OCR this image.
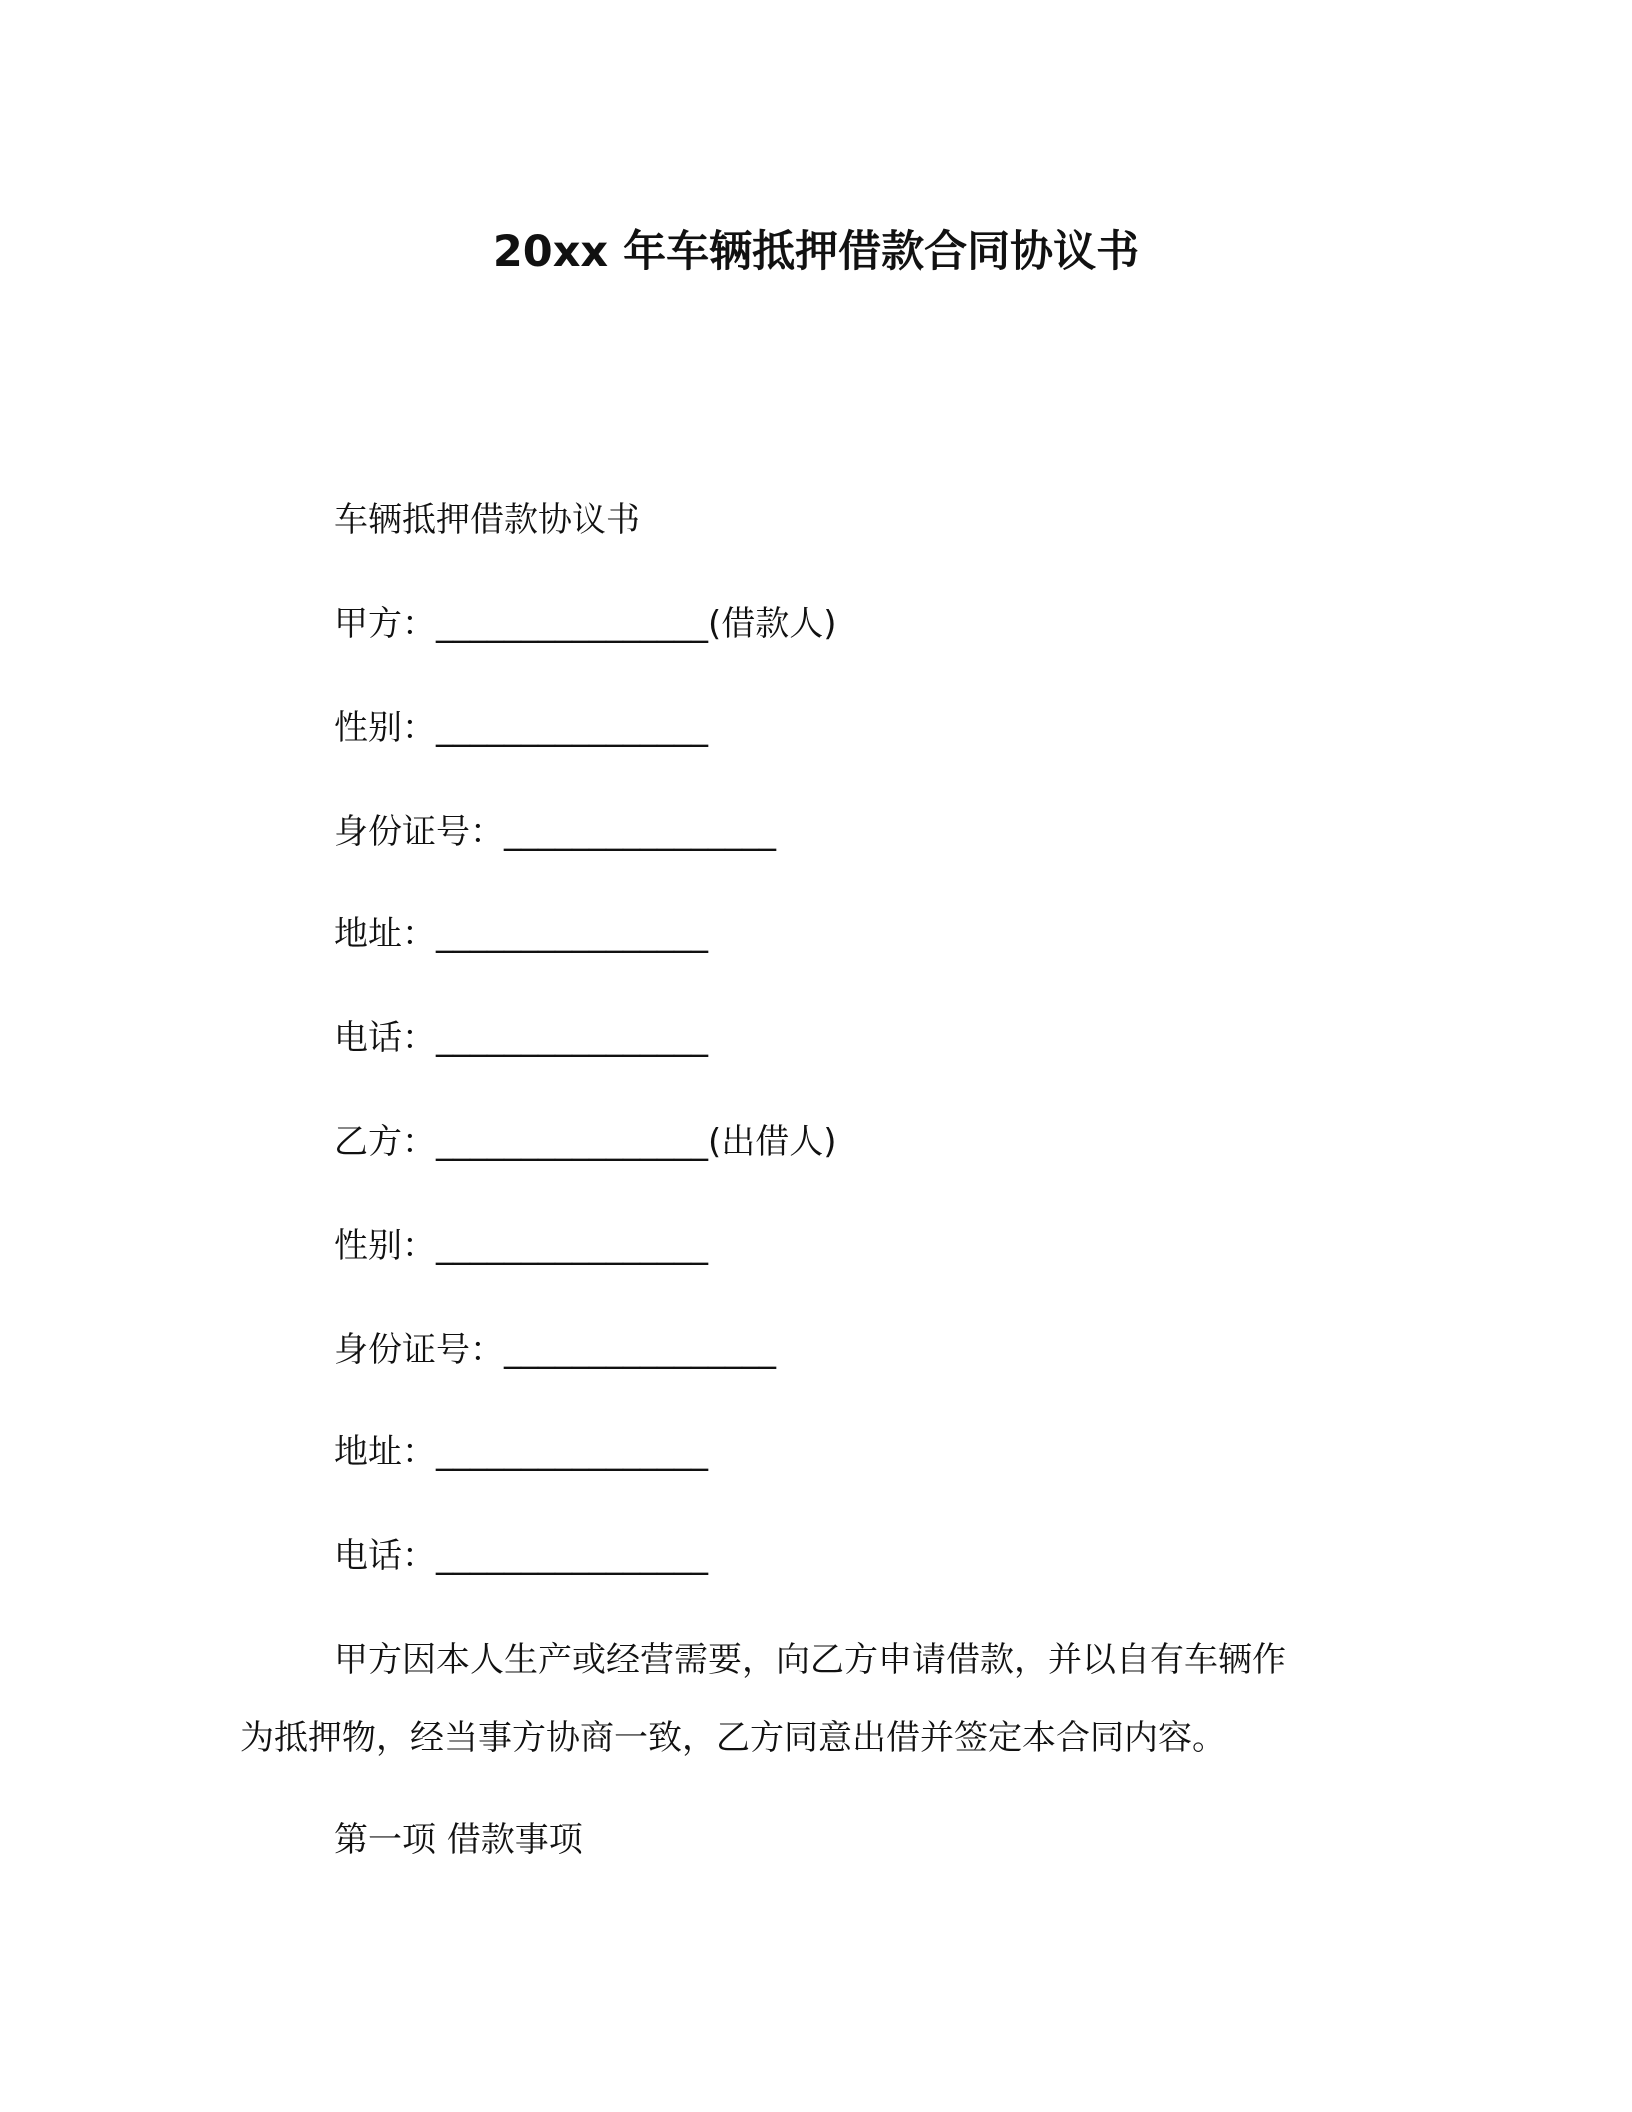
20xx 年车辆抵押借款合同协议书
车辆抵押借款协议书
甲方：________________(借款人)
性别：________________
身份证号：________________
地址：________________
电话：________________
乙方：________________(出借人)
性别：________________
身份证号：________________
地址：________________
电话：________________
甲方因本人生产或经营需要，向乙方申请借款，并以自有车辆作
为抵押物，经当事方协商一致，乙方同意出借并签定本合同内容。
第一项 借款事项
